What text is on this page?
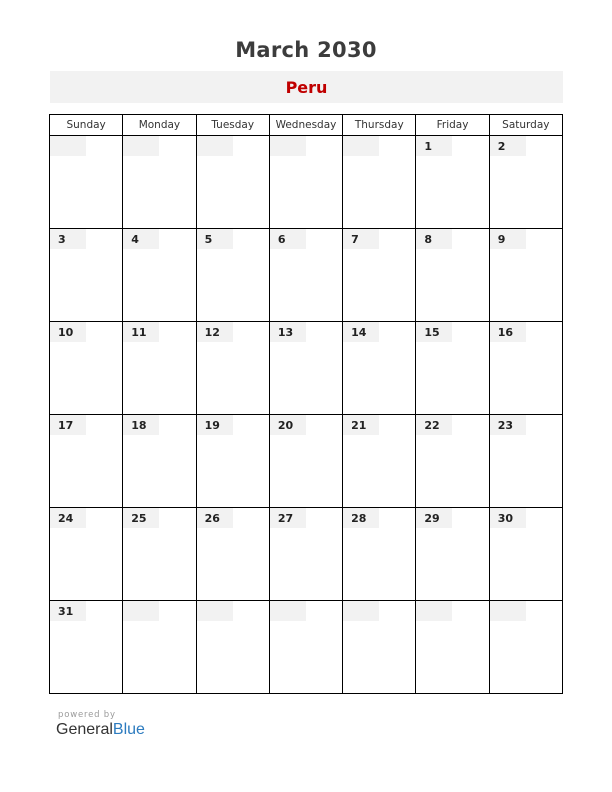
March 2030
Peru
Sunday	Monday	Tuesday	Wednesday	Thursday	Friday	Saturday

					1	2

3	4	5	6	7	8	9

10	11	12	13	14	15	16

17	18	19	20	21	22	23

24	25	26	27	28	29	30

31						

powered by
GeneralBlue
